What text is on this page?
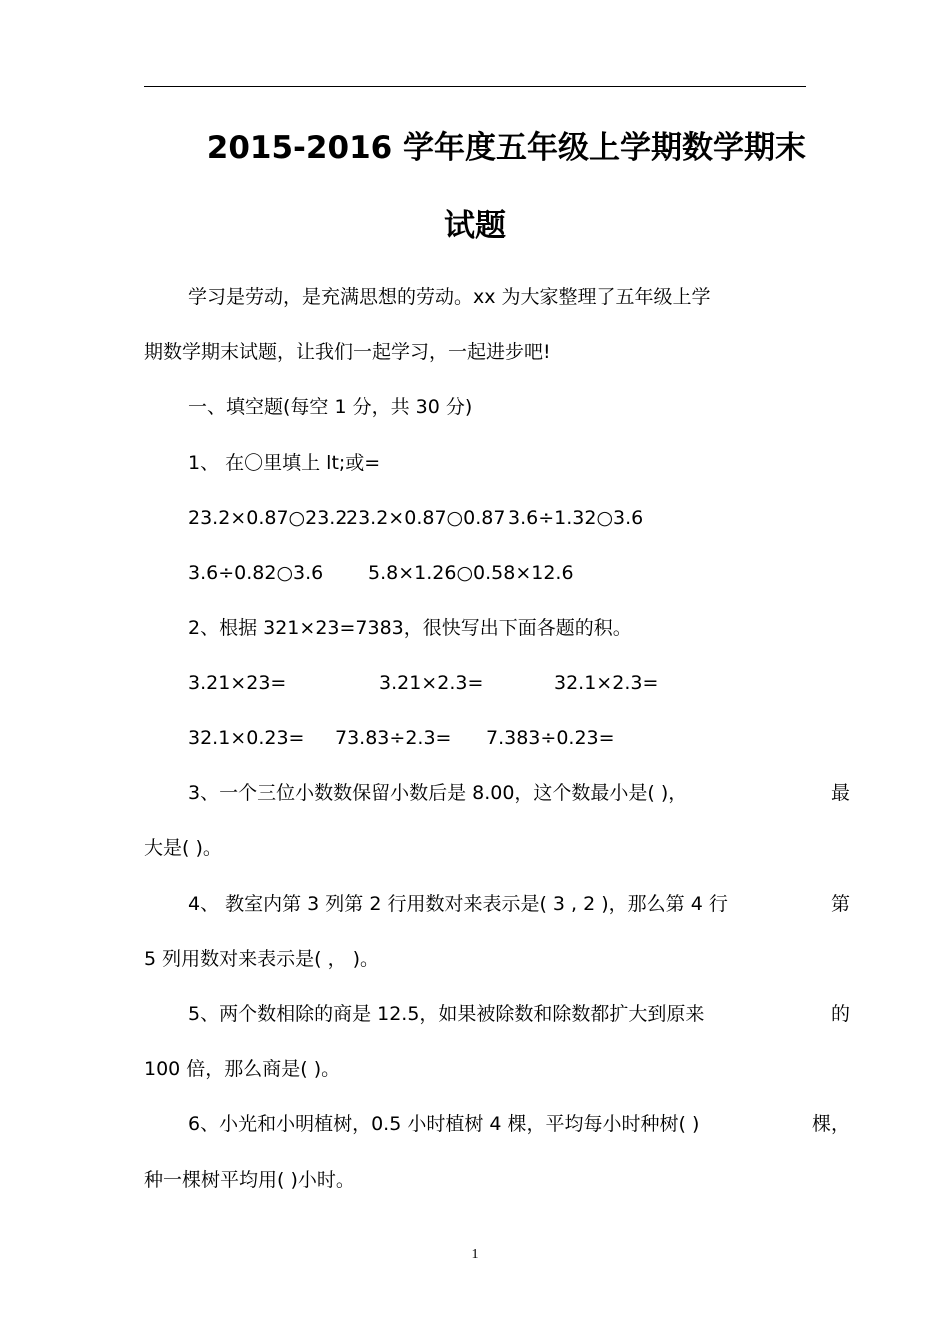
2015-2016 学年度五年级上学期数学期末
试题
学习是劳动，是充满思想的劳动。xx 为大家整理了五年级上学
期数学期末试题，让我们一起学习，一起进步吧!
一、填空题(每空 1 分，共 30 分)
1、 在〇里填上 lt;或=
23.2×0.87○23.2
23.2×0.87○0.87 3.6÷1.32○3.6
3.6÷0.82○3.6 5.8×1.26○0.58×12.6
2、根据 321×23=7383，很快写出下面各题的积。
3.21×23=	3.21×2.3=	32.1×2.3=
32.1×0.23= 73.83÷2.3= 7.383÷0.23=
3、一个三位小数数保留小数后是 8.00，这个数最小是( )，	最
大是( )。
4、 教室内第 3 列第 2 行用数对来表示是( 3 , 2 )，那么第 4 行	第
5 列用数对来表示是( ， )。
5、两个数相除的商是 12.5，如果被除数和除数都扩大到原来	的
100 倍，那么商是( )。
6、小光和小明植树，0.5 小时植树 4 棵，平均每小时种树( )	棵，
种一棵树平均用( )小时。
1
